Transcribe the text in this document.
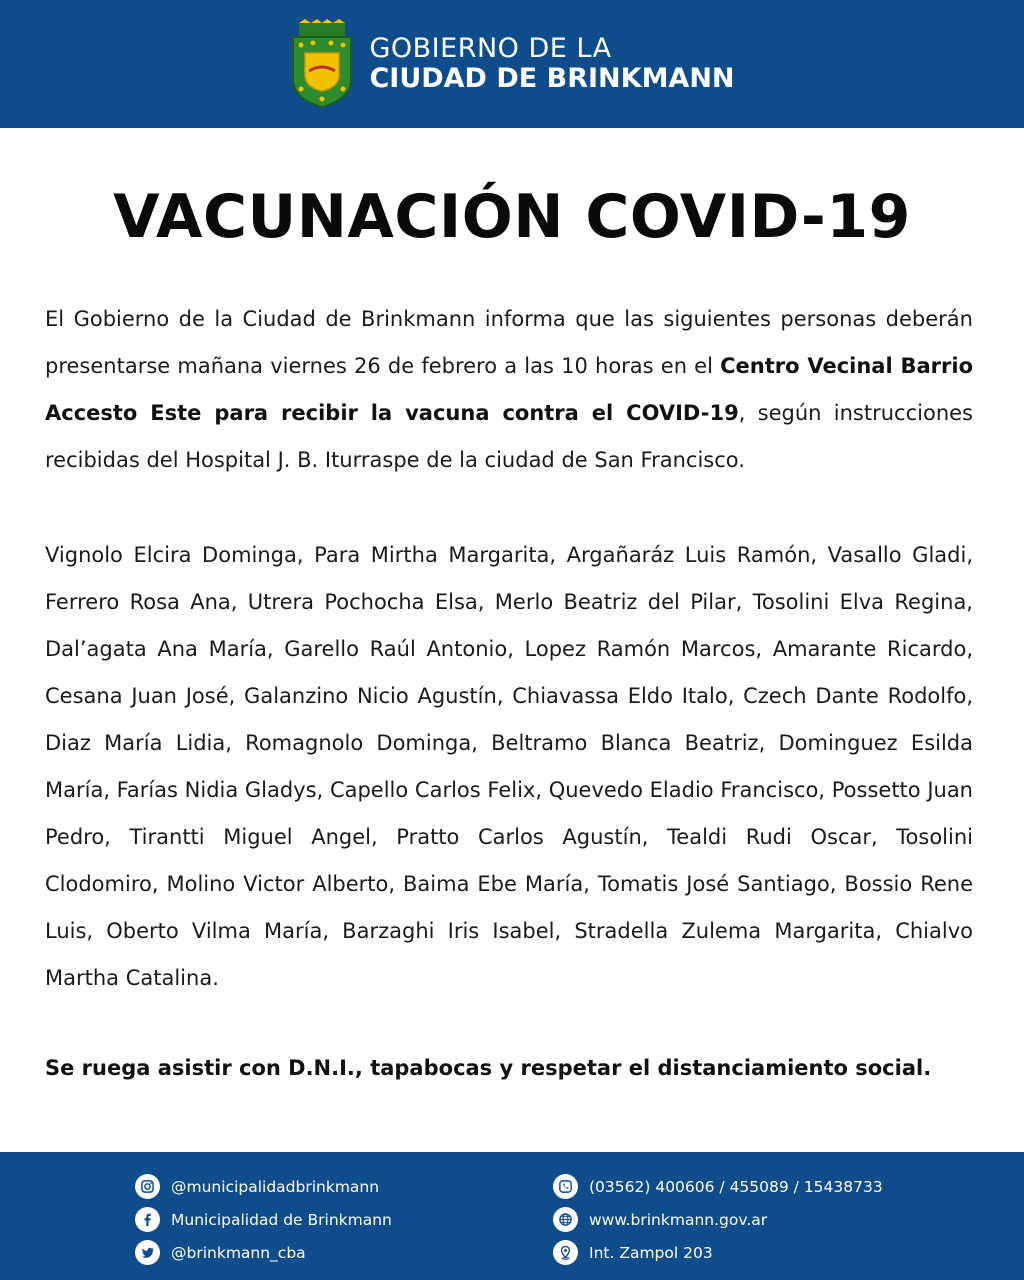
GOBIERNO DE LA
CIUDAD DE BRINKMANN
VACUNACIÓN COVID-19
El Gobierno de la Ciudad de Brinkmann informa que las siguientes personas deberán presentarse mañana viernes 26 de febrero a las 10 horas en el Centro Vecinal Barrio Accesto Este para recibir la vacuna contra el COVID-19, según instrucciones recibidas del Hospital J. B. Iturraspe de la ciudad de San Francisco.
Vignolo Elcira Dominga, Para Mirtha Margarita, Argañaráz Luis Ramón, Vasallo Gladi, Ferrero Rosa Ana, Utrera Pochocha Elsa, Merlo Beatriz del Pilar, Tosolini Elva Regina, Dal’agata Ana María, Garello Raúl Antonio, Lopez Ramón Marcos, Amarante Ricardo, Cesana Juan José, Galanzino Nicio Agustín, Chiavassa Eldo Italo, Czech Dante Rodolfo, Diaz María Lidia, Romagnolo Dominga, Beltramo Blanca Beatriz, Dominguez Esilda María, Farías Nidia Gladys, Capello Carlos Felix, Quevedo Eladio Francisco, Possetto Juan Pedro, Tirantti Miguel Angel, Pratto Carlos Agustín, Tealdi Rudi Oscar, Tosolini Clodomiro, Molino Victor Alberto, Baima Ebe María, Tomatis José Santiago, Bossio Rene Luis, Oberto Vilma María, Barzaghi Iris Isabel, Stradella Zulema Margarita, Chialvo Martha Catalina.
Se ruega asistir con D.N.I., tapabocas y respetar el distanciamiento social.
@municipalidadbrinkmann
Municipalidad de Brinkmann
@brinkmann_cba
(03562) 400606 / 455089 / 15438733
www.brinkmann.gov.ar
Int. Zampol 203
